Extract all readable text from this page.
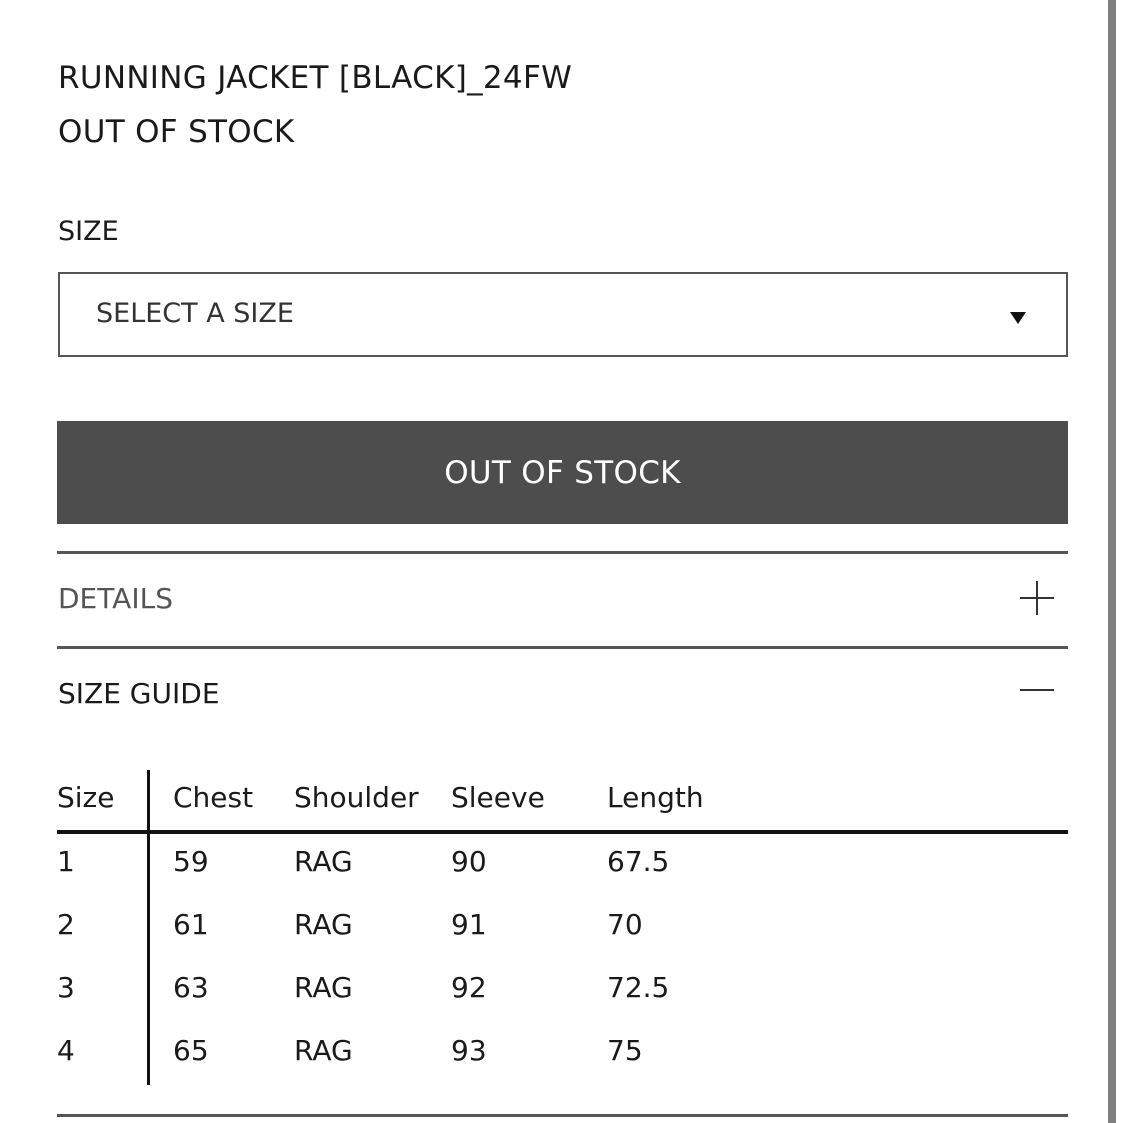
RUNNING JACKET [BLACK]_24FW
OUT OF STOCK
SIZE
SELECT A SIZE
OUT OF STOCK
DETAILS
SIZE GUIDE
Size Chest Shoulder Sleeve Length
1	59	RAG	90	67.5
2	61	RAG	91	70
3	63	RAG	92	72.5
4	65	RAG	93	75
